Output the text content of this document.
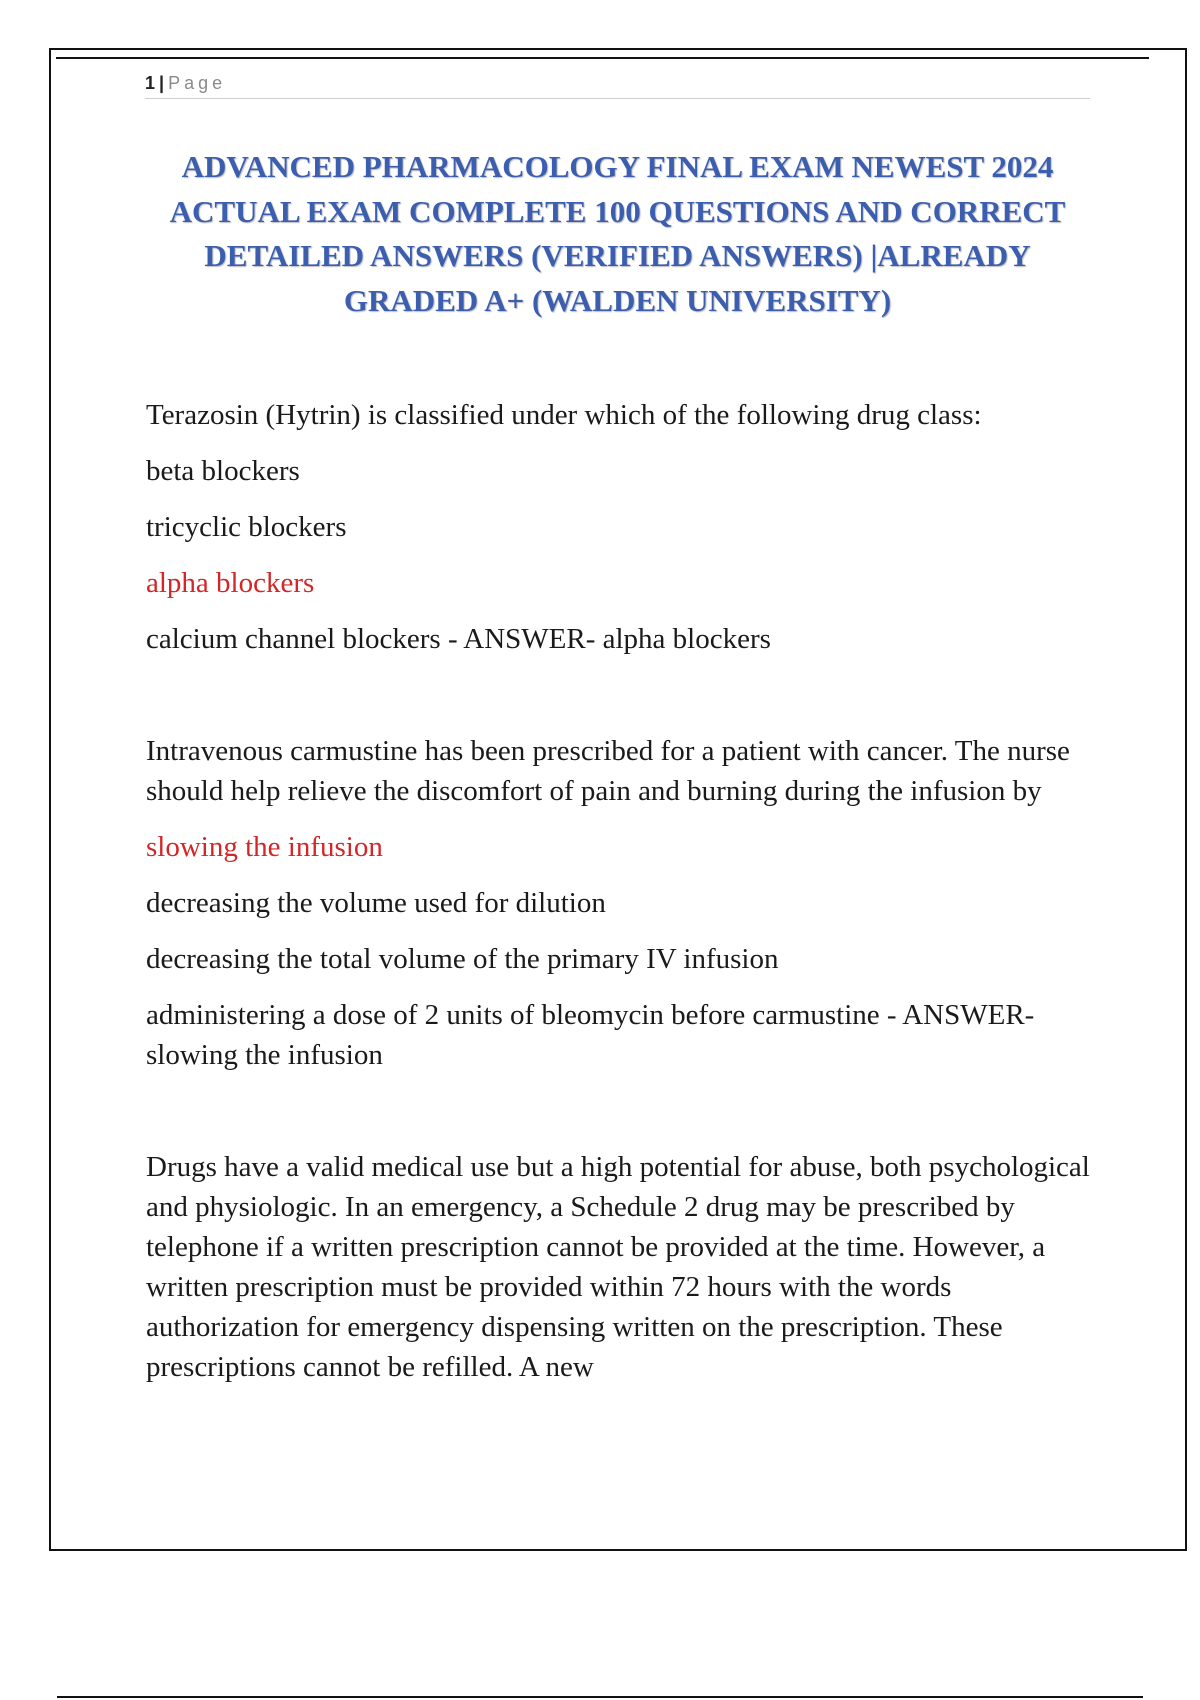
1 | Page
ADVANCED PHARMACOLOGY FINAL EXAM NEWEST 2024 ACTUAL EXAM COMPLETE 100 QUESTIONS AND CORRECT DETAILED ANSWERS (VERIFIED ANSWERS) |ALREADY GRADED A+ (WALDEN UNIVERSITY)

Terazosin (Hytrin) is classified under which of the following drug class:

beta blockers

tricyclic blockers

alpha blockers

calcium channel blockers - ANSWER- alpha blockers

Intravenous carmustine has been prescribed for a patient with cancer. The nurse should help relieve the discomfort of pain and burning during the infusion by

slowing the infusion

decreasing the volume used for dilution

decreasing the total volume of the primary IV infusion

administering a dose of 2 units of bleomycin before carmustine - ANSWER- slowing the infusion

Drugs have a valid medical use but a high potential for abuse, both psychological and physiologic. In an emergency, a Schedule 2 drug may be prescribed by telephone if a written prescription cannot be provided at the time. However, a written prescription must be provided within 72 hours with the words authorization for emergency dispensing written on the prescription. These prescriptions cannot be refilled. A new
